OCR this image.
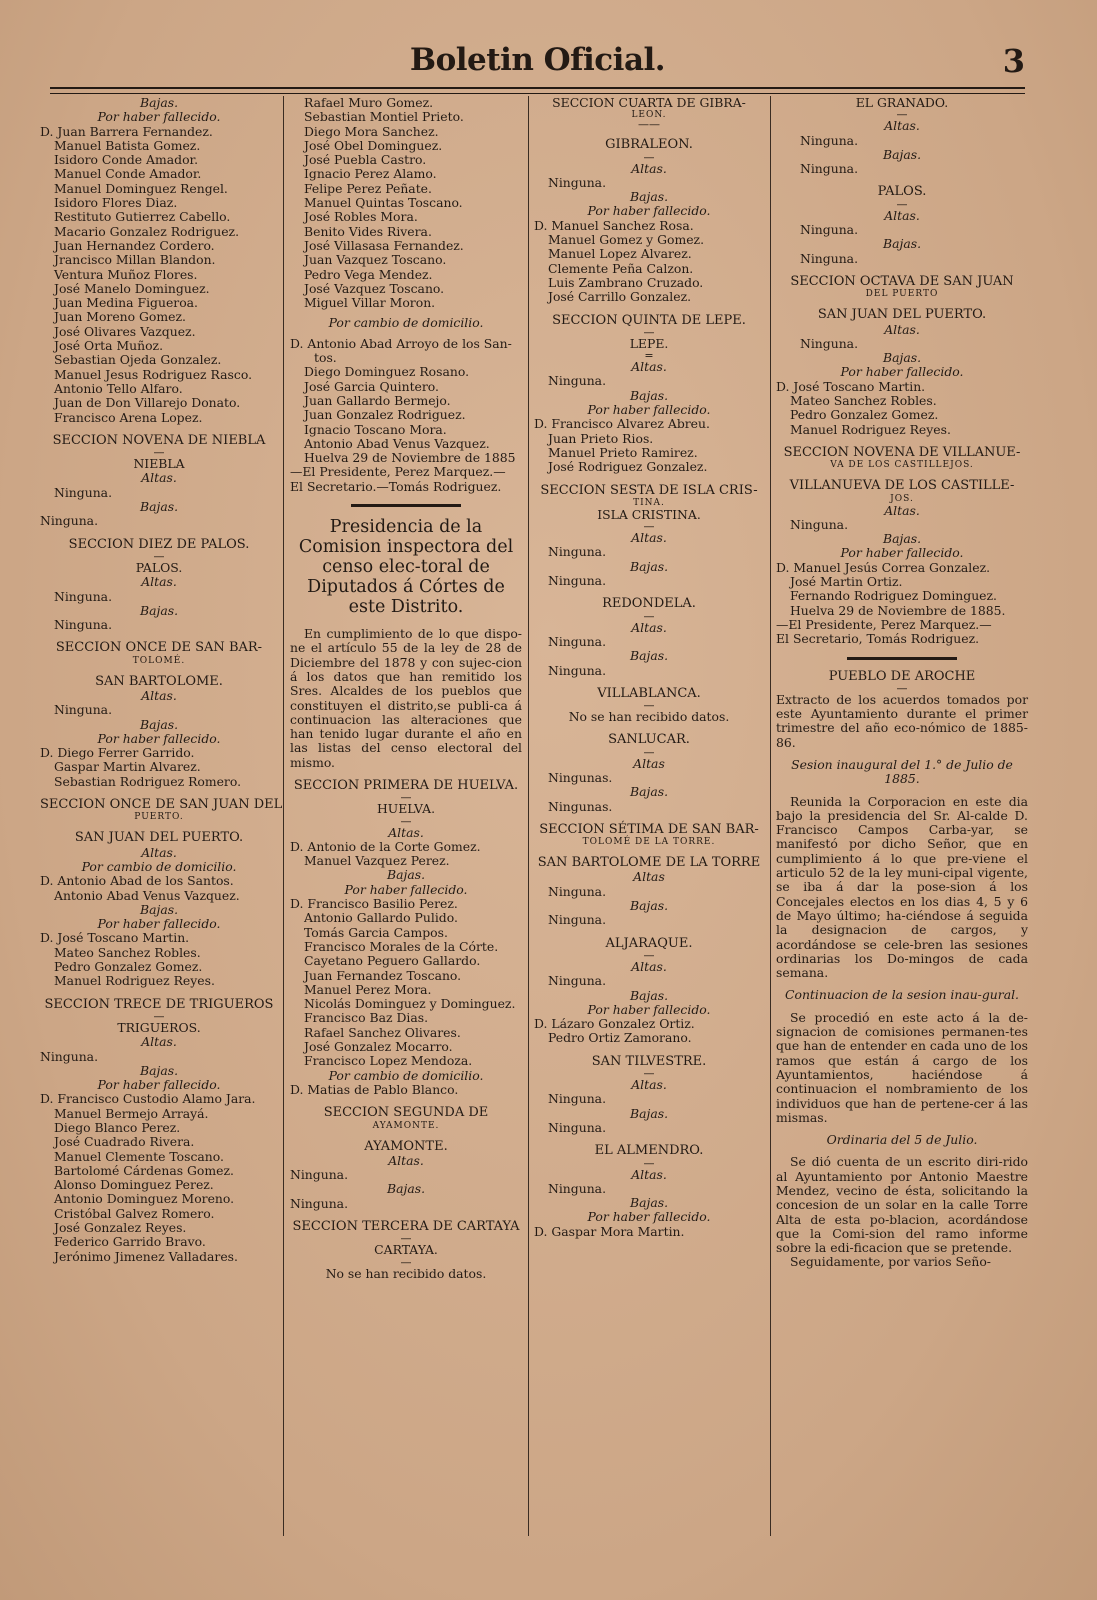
Boletin Oficial.	3

Bajas.

Por haber fallecido.

D. Juan Barrera Fernandez.

Manuel Batista Gomez.

Isidoro Conde Amador.

Manuel Conde Amador.

Manuel Dominguez Rengel.

Isidoro Flores Diaz.

Restituto Gutierrez Cabello.

Macario Gonzalez Rodriguez.

Juan Hernandez Cordero.

Jrancisco Millan Blandon.

Ventura Muñoz Flores.

José Manelo Dominguez.

Juan Medina Figueroa.

Juan Moreno Gomez.

José Olivares Vazquez.

José Orta Muñoz.

Sebastian Ojeda Gonzalez.

Manuel Jesus Rodriguez Rasco.

Antonio Tello Alfaro.

Juan de Don Villarejo Donato.

Francisco Arena Lopez.

SECCION NOVENA DE NIEBLA

—

NIEBLA

Altas.

Ninguna.

Bajas.

Ninguna.

SECCION DIEZ DE PALOS.

—

PALOS.

Altas.

Ninguna.

Bajas.

Ninguna.

SECCION ONCE DE SAN BAR-

TOLOMÉ.

SAN BARTOLOME.

Altas.

Ninguna.

Bajas.

Por haber fallecido.

D. Diego Ferrer Garrido.

Gaspar Martin Alvarez.

Sebastian Rodriguez Romero.

SECCION ONCE DE SAN JUAN DEL

PUERTO.

SAN JUAN DEL PUERTO.

Altas.

Por cambio de domicilio.

D. Antonio Abad de los Santos.

Antonio Abad Venus Vazquez.

Bajas.

Por haber fallecido.

D. José Toscano Martin.

Mateo Sanchez Robles.

Pedro Gonzalez Gomez.

Manuel Rodriguez Reyes.

SECCION TRECE DE TRIGUEROS

—

TRIGUEROS.

Altas.

Ninguna.

Bajas.

Por haber fallecido.

D. Francisco Custodio Alamo Jara.

Manuel Bermejo Arrayá.

Diego Blanco Perez.

José Cuadrado Rivera.

Manuel Clemente Toscano.

Bartolomé Cárdenas Gomez.

Alonso Dominguez Perez.

Antonio Dominguez Moreno.

Cristóbal Galvez Romero.

José Gonzalez Reyes.

Federico Garrido Bravo.

Jerónimo Jimenez Valladares.

Rafael Muro Gomez.

Sebastian Montiel Prieto.

Diego Mora Sanchez.

José Obel Dominguez.

José Puebla Castro.

Ignacio Perez Alamo.

Felipe Perez Peñate.

Manuel Quintas Toscano.

José Robles Mora.

Benito Vides Rivera.

José Villasasa Fernandez.

Juan Vazquez Toscano.

Pedro Vega Mendez.

José Vazquez Toscano.

Miguel Villar Moron.

Por cambio de domicilio.

D. Antonio Abad Arroyo de los San-

tos.

Diego Dominguez Rosano.

José Garcia Quintero.

Juan Gallardo Bermejo.

Juan Gonzalez Rodriguez.

Ignacio Toscano Mora.

Antonio Abad Venus Vazquez.

Huelva 29 de Noviembre de 1885

—El Presidente, Perez Marquez.—

El Secretario.—Tomás Rodriguez.

Presidencia de la Comision inspectora del censo elec-toral de Diputados á Córtes de este Distrito.

En cumplimiento de lo que dispo-ne el artículo 55 de la ley de 28 de Diciembre del 1878 y con sujec-cion á los datos que han remitido los Sres. Alcaldes de los pueblos que constituyen el distrito,se publi-ca á continuacion las alteraciones que han tenido lugar durante el año en las listas del censo electoral del mismo.

SECCION PRIMERA DE HUELVA.

—

HUELVA.

—

Altas.

D. Antonio de la Corte Gomez.

Manuel Vazquez Perez.

Bajas.

Por haber fallecido.

D. Francisco Basilio Perez.

Antonio Gallardo Pulido.

Tomás Garcia Campos.

Francisco Morales de la Córte.

Cayetano Peguero Gallardo.

Juan Fernandez Toscano.

Manuel Perez Mora.

Nicolás Dominguez y Dominguez.

Francisco Baz Dias.

Rafael Sanchez Olivares.

José Gonzalez Mocarro.

Francisco Lopez Mendoza.

Por cambio de domicilio.

D. Matias de Pablo Blanco.

SECCION SEGUNDA DE

AYAMONTE.

AYAMONTE.

Altas.

Ninguna.

Bajas.

Ninguna.

SECCION TERCERA DE CARTAYA

—

CARTAYA.

—

No se han recibido datos.

SECCION CUARTA DE GIBRA-

LEON.

——

GIBRALEON.

—

Altas.

Ninguna.

Bajas.

Por haber fallecido.

D. Manuel Sanchez Rosa.

Manuel Gomez y Gomez.

Manuel Lopez Alvarez.

Clemente Peña Calzon.

Luis Zambrano Cruzado.

José Carrillo Gonzalez.

SECCION QUINTA DE LEPE.

—

LEPE.

=

Altas.

Ninguna.

Bajas.

Por haber fallecido.

D. Francisco Alvarez Abreu.

Juan Prieto Rios.

Manuel Prieto Ramirez.

José Rodriguez Gonzalez.

SECCION SESTA DE ISLA CRIS-

TINA.

ISLA CRISTINA.

—

Altas.

Ninguna.

Bajas.

Ninguna.

REDONDELA.

—

Altas.

Ninguna.

Bajas.

Ninguna.

VILLABLANCA.

—

No se han recibido datos.

SANLUCAR.

—

Altas

Ningunas.

Bajas.

Ningunas.

SECCION SÉTIMA DE SAN BAR-

TOLOMÉ DE LA TORRE.

SAN BARTOLOME DE LA TORRE

Altas

Ninguna.

Bajas.

Ninguna.

ALJARAQUE.

—

Altas.

Ninguna.

Bajas.

Por haber fallecido.

D. Lázaro Gonzalez Ortiz.

Pedro Ortiz Zamorano.

SAN TILVESTRE.

—

Altas.

Ninguna.

Bajas.

Ninguna.

EL ALMENDRO.

—

Altas.

Ninguna.

Bajas.

Por haber fallecido.

D. Gaspar Mora Martin.

EL GRANADO.

—

Altas.

Ninguna.

Bajas.

Ninguna.

PALOS.

—

Altas.

Ninguna.

Bajas.

Ninguna.

SECCION OCTAVA DE SAN JUAN

DEL PUERTO

SAN JUAN DEL PUERTO.

Altas.

Ninguna.

Bajas.

Por haber fallecido.

D. José Toscano Martin.

Mateo Sanchez Robles.

Pedro Gonzalez Gomez.

Manuel Rodriguez Reyes.

SECCION NOVENA DE VILLANUE-

VA DE LOS CASTILLEJOS.

VILLANUEVA DE LOS CASTILLE-

JOS.

Altas.

Ninguna.

Bajas.

Por haber fallecido.

D. Manuel Jesús Correa Gonzalez.

José Martin Ortiz.

Fernando Rodriguez Dominguez.

Huelva 29 de Noviembre de 1885.

—El Presidente, Perez Marquez.—

El Secretario, Tomás Rodriguez.

PUEBLO DE AROCHE

—

Extracto de los acuerdos tomados por este Ayuntamiento durante el primer trimestre del año eco-nómico de 1885-86.

Sesion inaugural del 1.° de Julio de 1885.

Reunida la Corporacion en este dia bajo la presidencia del Sr. Al-calde D. Francisco Campos Carba-yar, se manifestó por dicho Señor, que en cumplimiento á lo que pre-viene el articulo 52 de la ley muni-cipal vigente, se iba á dar la pose-sion á los Concejales electos en los dias 4, 5 y 6 de Mayo último; ha-ciéndose á seguida la designacion de cargos, y acordándose se cele-bren las sesiones ordinarias los Do-mingos de cada semana.

Continuacion de la sesion inau-gural.

Se procedió en este acto á la de-signacion de comisiones permanen-tes que han de entender en cada uno de los ramos que están á cargo de los Ayuntamientos, haciéndose á continuacion el nombramiento de los individuos que han de pertene-cer á las mismas.

Ordinaria del 5 de Julio.

Se dió cuenta de un escrito diri-rido al Ayuntamiento por Antonio Maestre Mendez, vecino de ésta, solicitando la concesion de un solar en la calle Torre Alta de esta po-blacion, acordándose que la Comi-sion del ramo informe sobre la edi-ficacion que se pretende.

Seguidamente, por varios Seño-
